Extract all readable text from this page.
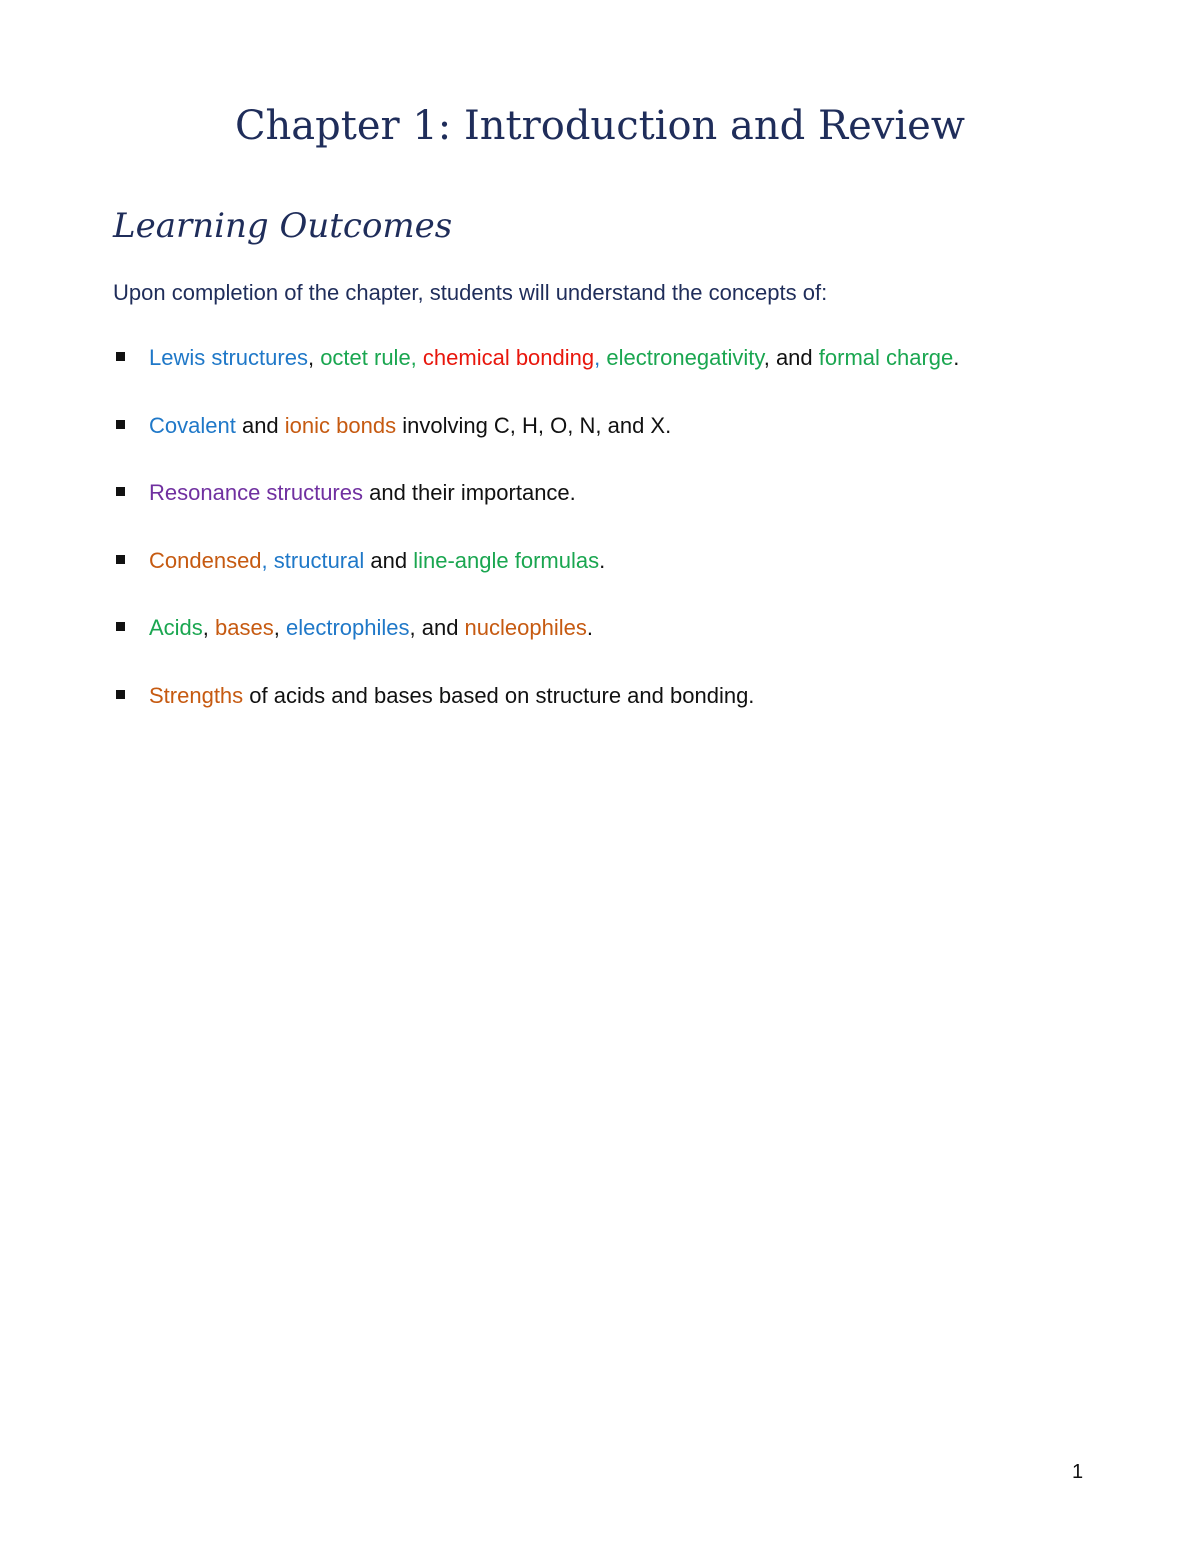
Chapter 1: Introduction and Review
Learning Outcomes
Upon completion of the chapter, students will understand the concepts of:
Lewis structures, octet rule, chemical bonding, electronegativity, and formal charge.
Covalent and ionic bonds involving C, H, O, N, and X.
Resonance structures and their importance.
Condensed, structural and line-angle formulas.
Acids, bases, electrophiles, and nucleophiles.
Strengths of acids and bases based on structure and bonding.
1
